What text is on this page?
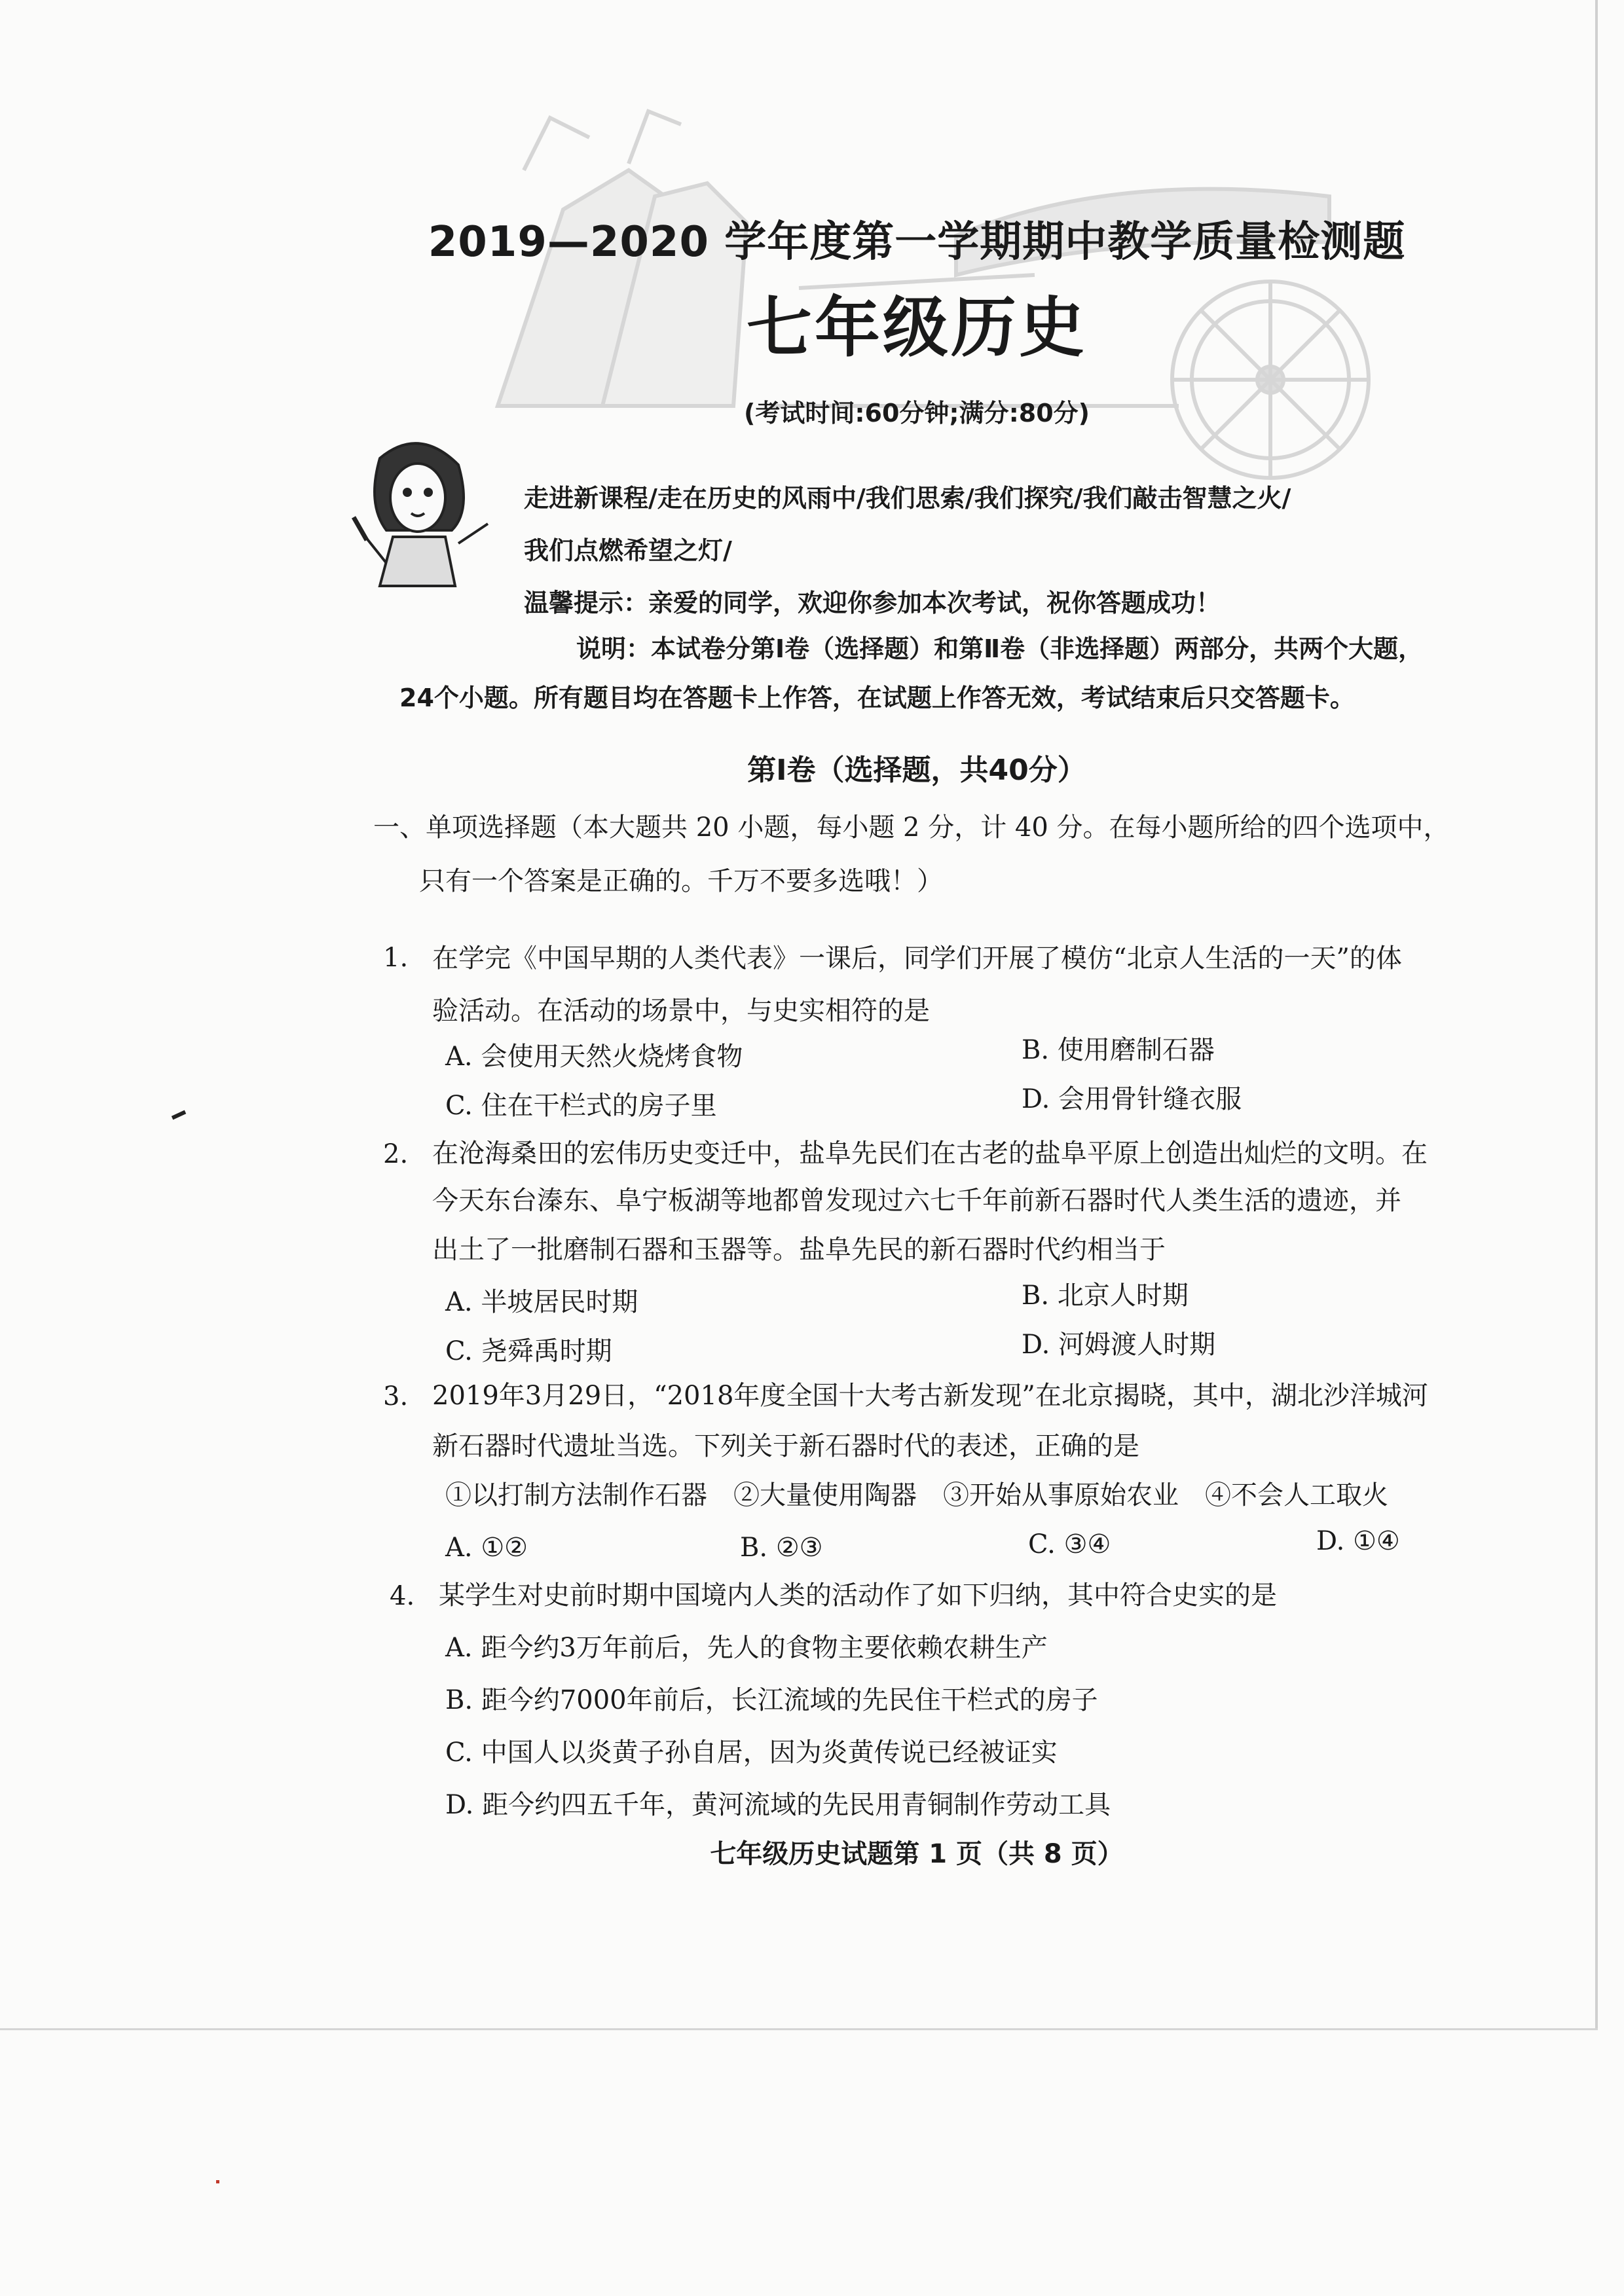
2019—2020 学年度第一学期期中教学质量检测题
七年级历史
(考试时间:60分钟;满分:80分)
走进新课程/走在历史的风雨中/我们思索/我们探究/我们敲击智慧之火/
我们点燃希望之灯/
温馨提示：亲爱的同学，欢迎你参加本次考试，祝你答题成功！
说明：本试卷分第Ⅰ卷（选择题）和第Ⅱ卷（非选择题）两部分，共两个大题，
24个小题。所有题目均在答题卡上作答，在试题上作答无效，考试结束后只交答题卡。
第Ⅰ卷（选择题，共40分）
一、单项选择题（本大题共 20 小题，每小题 2 分，计 40 分。在每小题所给的四个选项中，
只有一个答案是正确的。千万不要多选哦！）
1. 在学完《中国早期的人类代表》一课后，同学们开展了模仿“北京人生活的一天”的体
验活动。在活动的场景中，与史实相符的是
A. 会使用天然火烧烤食物	B. 使用磨制石器
C. 住在干栏式的房子里	D. 会用骨针缝衣服
2. 在沧海桑田的宏伟历史变迁中，盐阜先民们在古老的盐阜平原上创造出灿烂的文明。在
今天东台溱东、阜宁板湖等地都曾发现过六七千年前新石器时代人类生活的遗迹，并
出土了一批磨制石器和玉器等。盐阜先民的新石器时代约相当于
A. 半坡居民时期	B. 北京人时期
C. 尧舜禹时期	D. 河姆渡人时期
3. 2019年3月29日，“2018年度全国十大考古新发现”在北京揭晓，其中，湖北沙洋城河
新石器时代遗址当选。下列关于新石器时代的表述，正确的是
①以打制方法制作石器　②大量使用陶器　③开始从事原始农业　④不会人工取火
A. ①②	B. ②③	C. ③④	D. ①④
4. 某学生对史前时期中国境内人类的活动作了如下归纳，其中符合史实的是
A. 距今约3万年前后，先人的食物主要依赖农耕生产
B. 距今约7000年前后，长江流域的先民住干栏式的房子
C. 中国人以炎黄子孙自居，因为炎黄传说已经被证实
D. 距今约四五千年，黄河流域的先民用青铜制作劳动工具
七年级历史试题第 1 页（共 8 页）
